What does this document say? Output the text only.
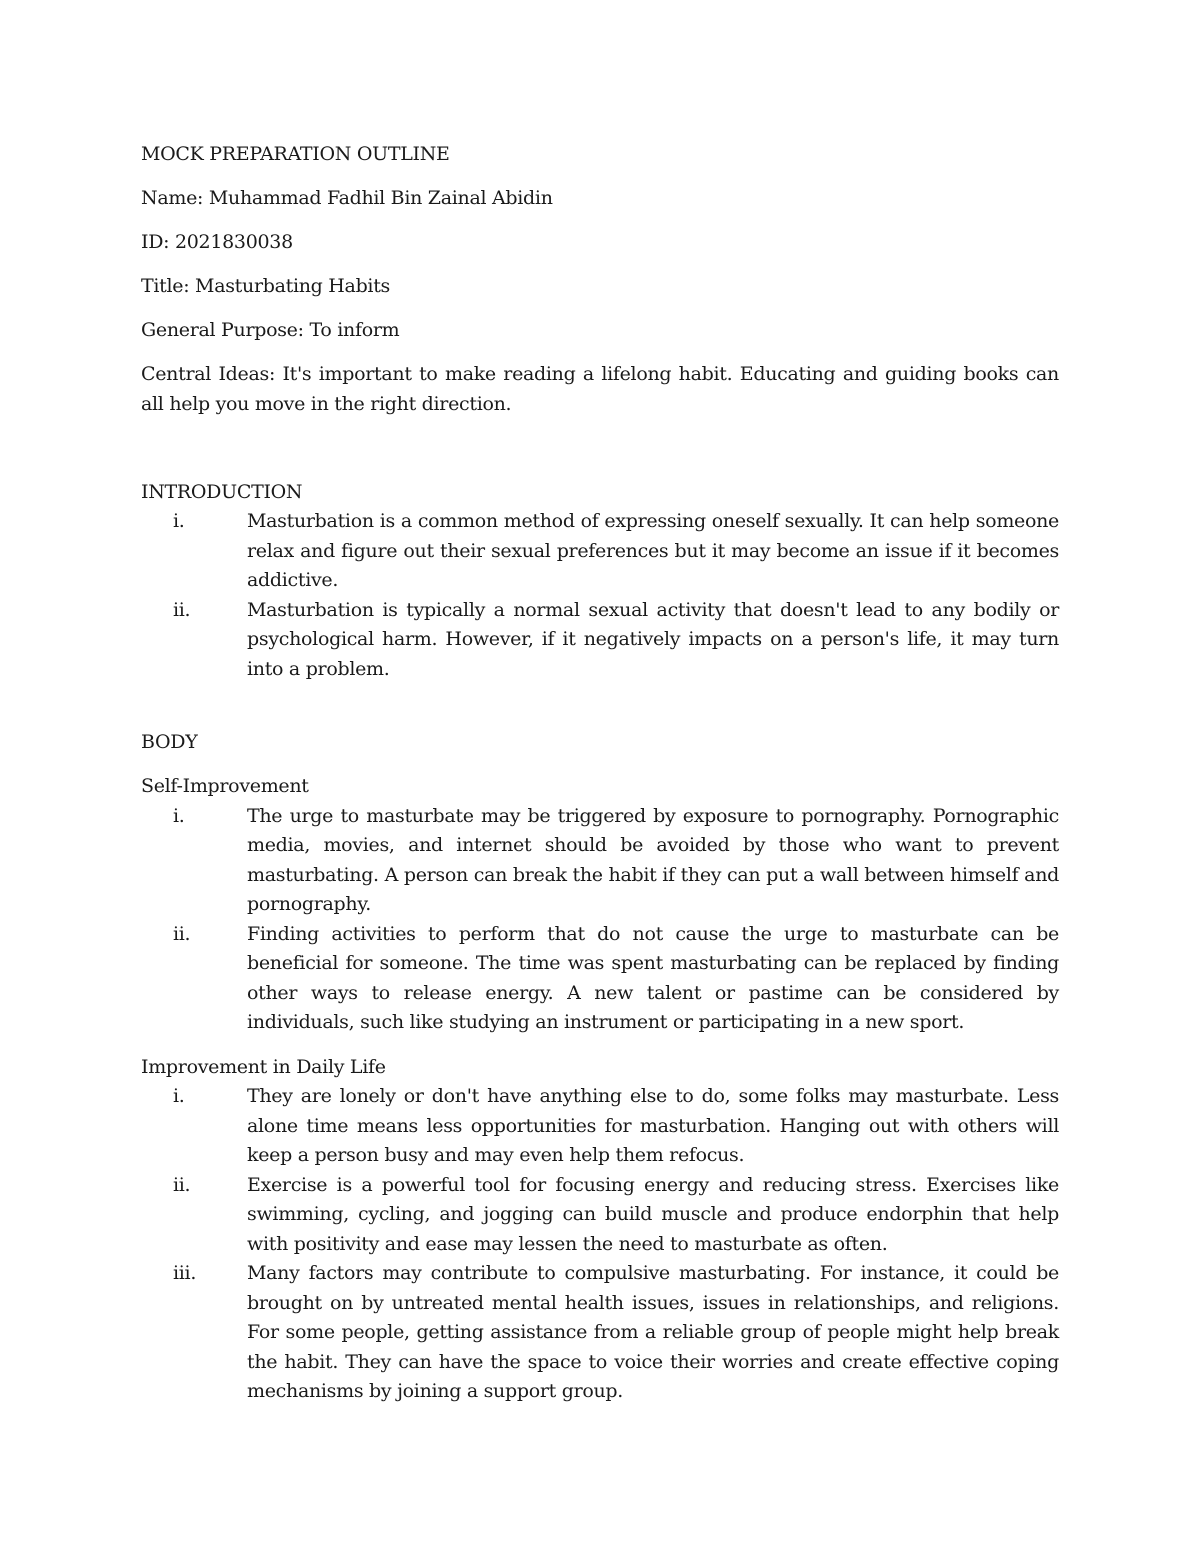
MOCK PREPARATION OUTLINE

Name: Muhammad Fadhil Bin Zainal Abidin

ID: 2021830038

Title: Masturbating Habits

General Purpose: To inform

Central Ideas: It's important to make reading a lifelong habit. Educating and guiding books can all help you move in the right direction.

INTRODUCTION

i.	Masturbation is a common method of expressing oneself sexually. It can help someone relax and figure out their sexual preferences but it may become an issue if it becomes addictive.
ii.	Masturbation is typically a normal sexual activity that doesn't lead to any bodily or psychological harm. However, if it negatively impacts on a person's life, it may turn into a problem.

BODY

Self-Improvement

i.	The urge to masturbate may be triggered by exposure to pornography. Pornographic media, movies, and internet should be avoided by those who want to prevent masturbating. A person can break the habit if they can put a wall between himself and pornography.
ii.	Finding activities to perform that do not cause the urge to masturbate can be beneficial for someone. The time was spent masturbating can be replaced by finding other ways to release energy. A new talent or pastime can be considered by individuals, such like studying an instrument or participating in a new sport.

Improvement in Daily Life

i.	They are lonely or don't have anything else to do, some folks may masturbate. Less alone time means less opportunities for masturbation. Hanging out with others will keep a person busy and may even help them refocus.
ii.	Exercise is a powerful tool for focusing energy and reducing stress. Exercises like swimming, cycling, and jogging can build muscle and produce endorphin that help with positivity and ease may lessen the need to masturbate as often.
iii.	Many factors may contribute to compulsive masturbating. For instance, it could be brought on by untreated mental health issues, issues in relationships, and religions. For some people, getting assistance from a reliable group of people might help break the habit. They can have the space to voice their worries and create effective coping mechanisms by joining a support group.
